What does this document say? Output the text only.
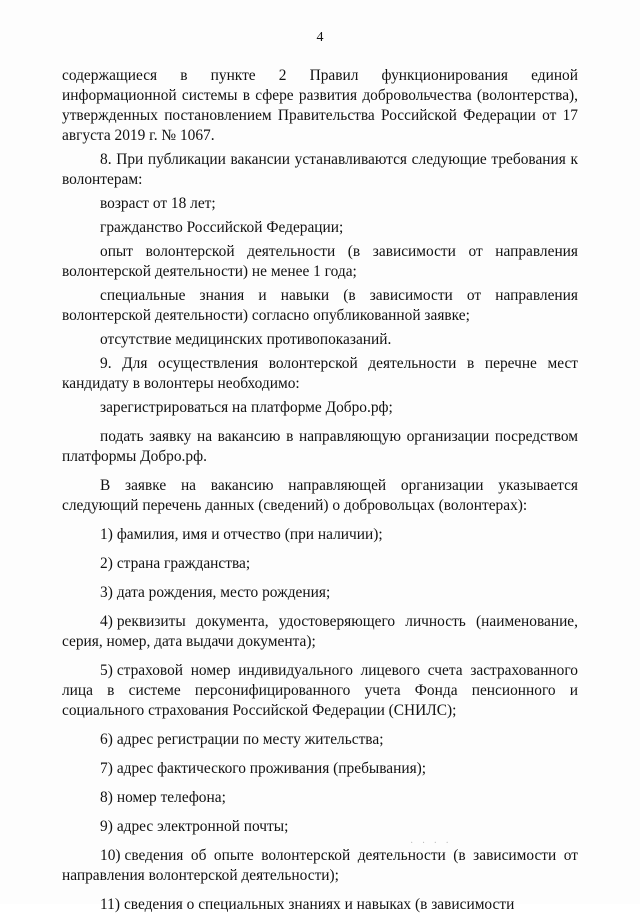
4

содержащиеся в пункте 2 Правил функционирования единой информационной системы в сфере развития добровольчества (волонтерства), утвержденных постановлением Правительства Российской Федерации от 17 августа 2019 г. № 1067.

8. При публикации вакансии устанавливаются следующие требования к волонтерам:

возраст от 18 лет;

гражданство Российской Федерации;

опыт волонтерской деятельности (в зависимости от направления волонтерской деятельности) не менее 1 года;

специальные знания и навыки (в зависимости от направления волонтерской деятельности) согласно опубликованной заявке;

отсутствие медицинских противопоказаний.

9. Для осуществления волонтерской деятельности в перечне мест кандидату в волонтеры необходимо:

зарегистрироваться на платформе Добро.рф;

подать заявку на вакансию в направляющую организации посредством платформы Добро.рф.

В заявке на вакансию направляющей организации указывается следующий перечень данных (сведений) о добровольцах (волонтерах):

1) фамилия, имя и отчество (при наличии);

2) страна гражданства;

3) дата рождения, место рождения;

4) реквизиты документа, удостоверяющего личность (наименование, серия, номер, дата выдачи документа);

5) страховой номер индивидуального лицевого счета застрахованного лица в системе персонифицированного учета Фонда пенсионного и социального страхования Российской Федерации (СНИЛС);

6) адрес регистрации по месту жительства;

7) адрес фактического проживания (пребывания);

8) номер телефона;

9) адрес электронной почты;

10) сведения об опыте волонтерской деятельности (в зависимости от направления волонтерской деятельности);

11) сведения о специальных знаниях и навыках (в зависимости

· · · ·
